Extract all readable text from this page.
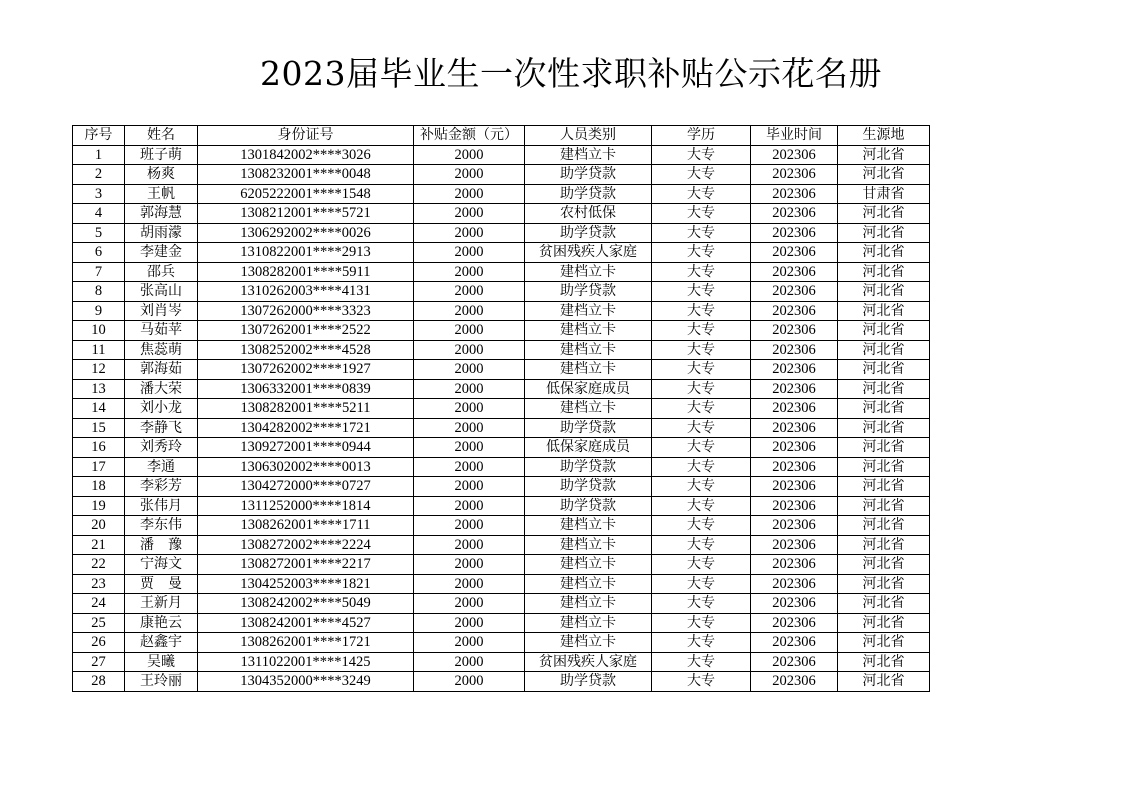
2023届毕业生一次性求职补贴公示花名册
序号	姓名	身份证号	补贴金额（元）	人员类别	学历	毕业时间	生源地
1	班子萌	1301842002****3026	2000	建档立卡	大专	202306	河北省
2	杨爽	1308232001****0048	2000	助学贷款	大专	202306	河北省
3	王帆	6205222001****1548	2000	助学贷款	大专	202306	甘肃省
4	郭海慧	1308212001****5721	2000	农村低保	大专	202306	河北省
5	胡雨濛	1306292002****0026	2000	助学贷款	大专	202306	河北省
6	李建金	1310822001****2913	2000	贫困残疾人家庭	大专	202306	河北省
7	邵兵	1308282001****5911	2000	建档立卡	大专	202306	河北省
8	张高山	1310262003****4131	2000	助学贷款	大专	202306	河北省
9	刘肖岑	1307262000****3323	2000	建档立卡	大专	202306	河北省
10	马茹苹	1307262001****2522	2000	建档立卡	大专	202306	河北省
11	焦蕊萌	1308252002****4528	2000	建档立卡	大专	202306	河北省
12	郭海茹	1307262002****1927	2000	建档立卡	大专	202306	河北省
13	潘大荣	1306332001****0839	2000	低保家庭成员	大专	202306	河北省
14	刘小龙	1308282001****5211	2000	建档立卡	大专	202306	河北省
15	李静飞	1304282002****1721	2000	助学贷款	大专	202306	河北省
16	刘秀玲	1309272001****0944	2000	低保家庭成员	大专	202306	河北省
17	李通	1306302002****0013	2000	助学贷款	大专	202306	河北省
18	李彩芳	1304272000****0727	2000	助学贷款	大专	202306	河北省
19	张伟月	1311252000****1814	2000	助学贷款	大专	202306	河北省
20	李东伟	1308262001****1711	2000	建档立卡	大专	202306	河北省
21	潘　豫	1308272002****2224	2000	建档立卡	大专	202306	河北省
22	宁海文	1308272001****2217	2000	建档立卡	大专	202306	河北省
23	贾　曼	1304252003****1821	2000	建档立卡	大专	202306	河北省
24	王新月	1308242002****5049	2000	建档立卡	大专	202306	河北省
25	康艳云	1308242001****4527	2000	建档立卡	大专	202306	河北省
26	赵鑫宇	1308262001****1721	2000	建档立卡	大专	202306	河北省
27	吴曦	1311022001****1425	2000	贫困残疾人家庭	大专	202306	河北省
28	王玲丽	1304352000****3249	2000	助学贷款	大专	202306	河北省
